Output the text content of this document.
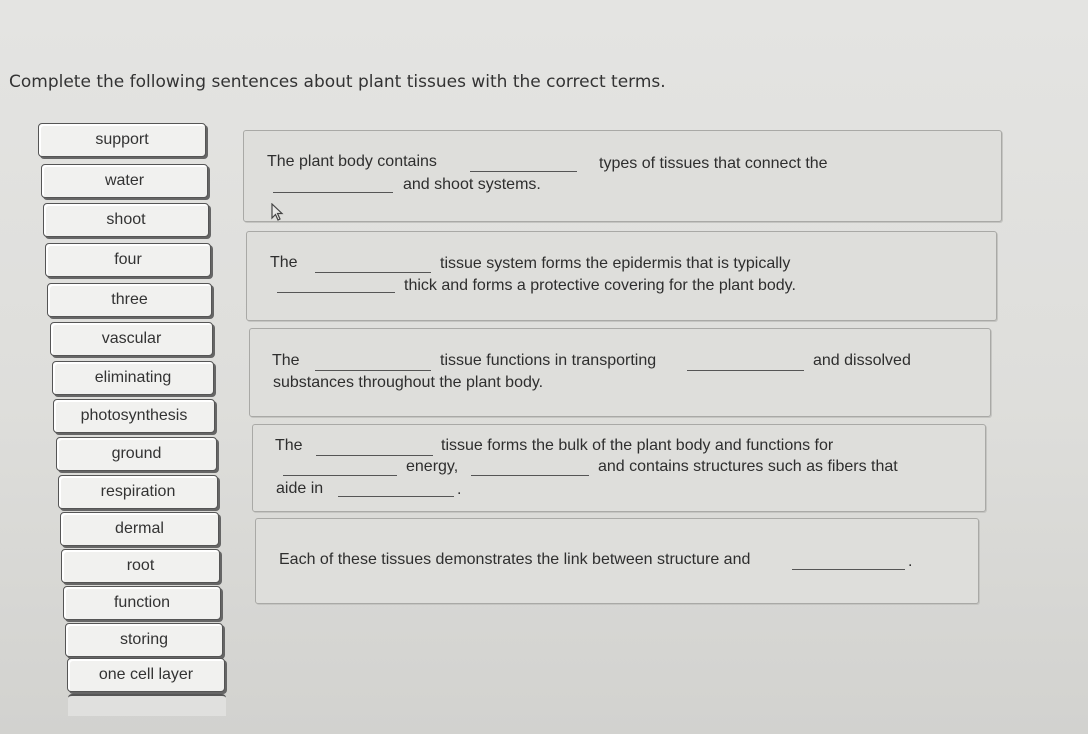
Complete the following sentences about plant tissues with the correct terms.
support
water
shoot
four
three
vascular
eliminating
photosynthesis
ground
respiration
dermal
root
function
storing
one cell layer
The plant body contains	types of tissues that connect the
and shoot systems.
The	tissue system forms the epidermis that is typically
thick and forms a protective covering for the plant body.
The	tissue functions in transporting	and dissolved
substances throughout the plant body.
The	tissue forms the bulk of the plant body and functions for
energy,	and contains structures such as fibers that
aide in	.
Each of these tissues demonstrates the link between structure and	.
